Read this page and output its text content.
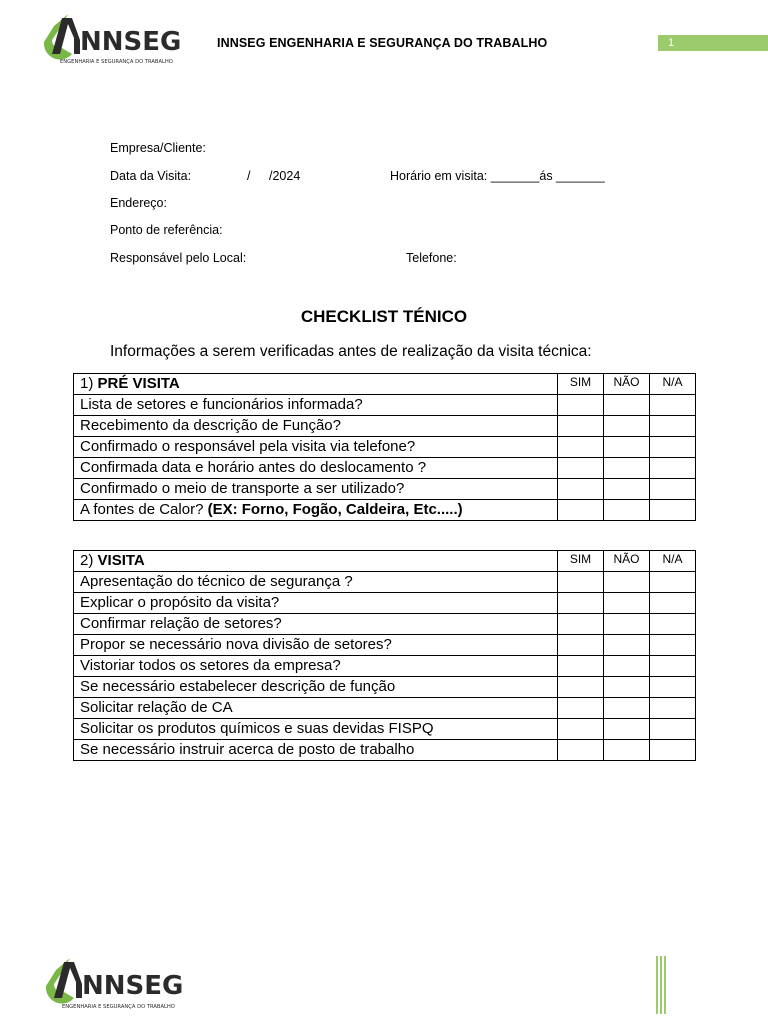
NNSEG
ENGENHARIA E SEGURANÇA DO TRABALHO
INNSEG ENGENHARIA E SEGURANÇA DO TRABALHO	1
Empresa/Cliente:
Data da Visita:	/ /2024	Horário em visita: _______ás _______
Endereço:
Ponto de referência:
Responsável pelo Local:	Telefone:
CHECKLIST TÉNICO
Informações a serem verificadas antes de realização da visita técnica:
1) PRÉ VISITA	SIM	NÃO	N/A
Lista de setores e funcionários informada?			
Recebimento da descrição de Função?			
Confirmado o responsável pela visita via telefone?			
Confirmada data e horário antes do deslocamento ?			
Confirmado o meio de transporte a ser utilizado?			
A fontes de Calor? (EX: Forno, Fogão, Caldeira, Etc.....)			
2) VISITA	SIM	NÃO	N/A
Apresentação do técnico de segurança ?			
Explicar o propósito da visita?			
Confirmar relação de setores?			
Propor se necessário nova divisão de setores?			
Vistoriar todos os setores da empresa?			
Se necessário estabelecer descrição de função			
Solicitar relação de CA			
Solicitar os produtos químicos e suas devidas FISPQ			
Se necessário instruir acerca de posto de trabalho			
NNSEG
ENGENHARIA E SEGURANÇA DO TRABALHO
